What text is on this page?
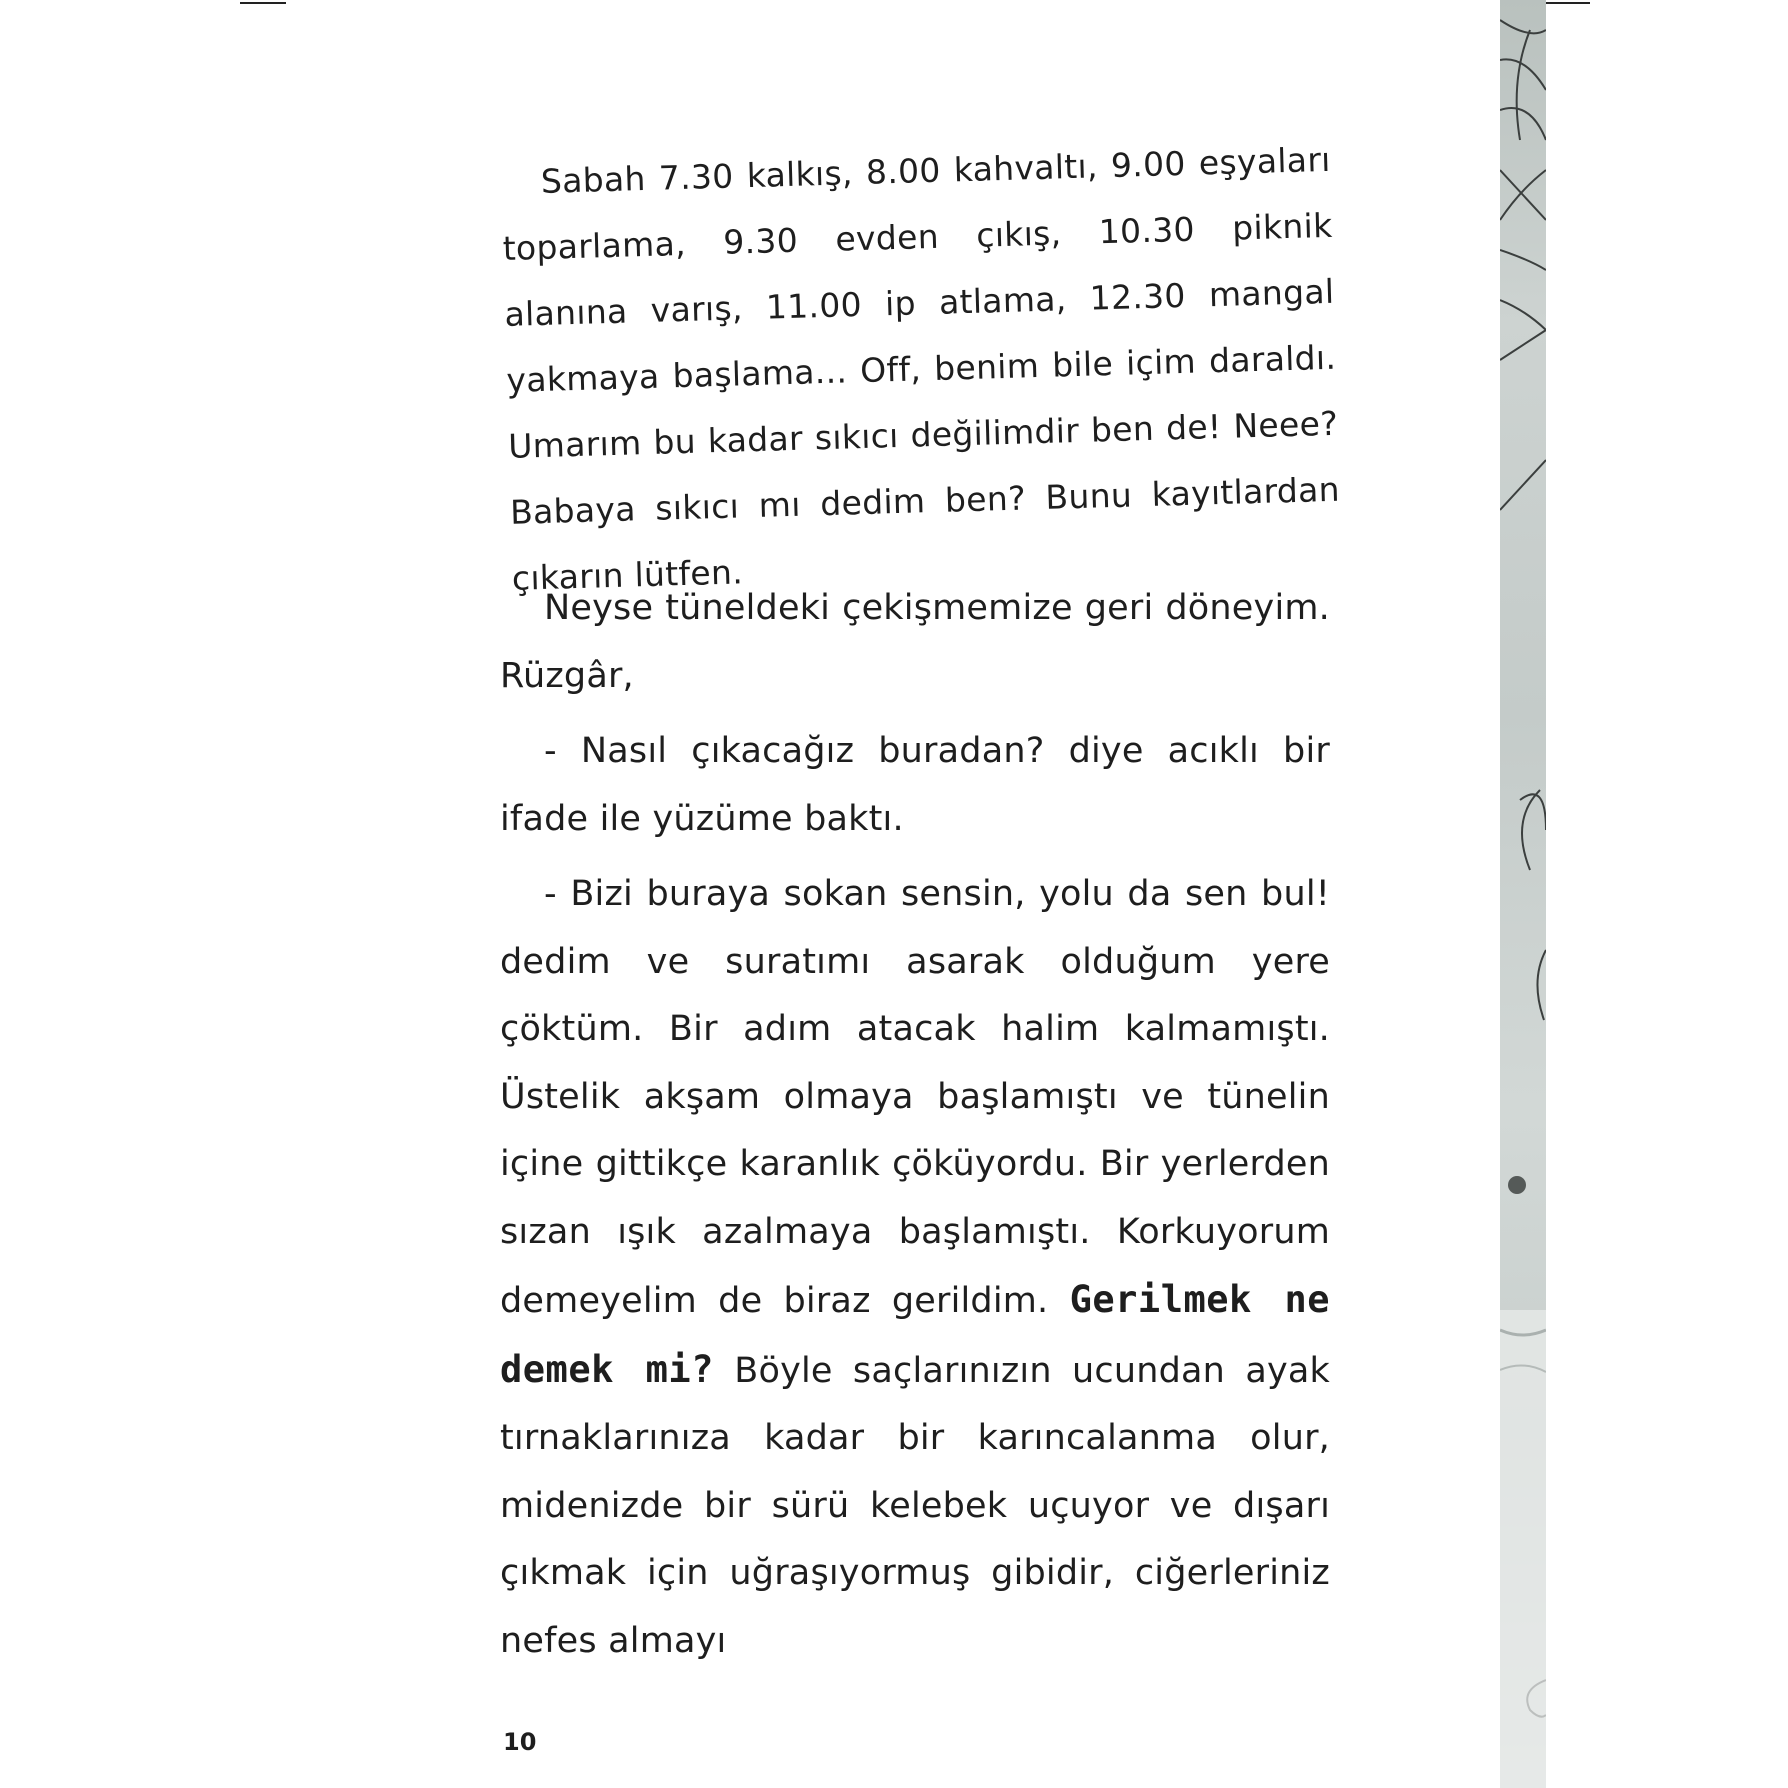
Sabah 7.30 kalkış, 8.00 kahvaltı, 9.00 eşyaları toparlama, 9.30 evden çıkış, 10.30 piknik alanına varış, 11.00 ip atlama, 12.30 mangal yakmaya başlama... Off, benim bile içim daraldı. Umarım bu kadar sıkıcı değilimdir ben de! Neee? Babaya sıkıcı mı dedim ben? Bunu kayıtlardan çıkarın lütfen.

Neyse tüneldeki çekişmemize geri döneyim. Rüzgâr,

- Nasıl çıkacağız buradan? diye acıklı bir ifade ile yüzüme baktı.

- Bizi buraya sokan sensin, yolu da sen bul! dedim ve suratımı asarak olduğum yere çöktüm. Bir adım atacak halim kalmamıştı. Üstelik akşam olmaya başlamıştı ve tünelin içine gittikçe karanlık çöküyordu. Bir yerlerden sızan ışık azalmaya başlamıştı. Korkuyorum demeyelim de biraz gerildim. Gerilmek ne demek mi? Böyle saçlarınızın ucundan ayak tırnaklarınıza kadar bir karıncalanma olur, midenizde bir sürü kelebek uçuyor ve dışarı çıkmak için uğraşıyormuş gibidir, ciğerleriniz nefes almayı

10
